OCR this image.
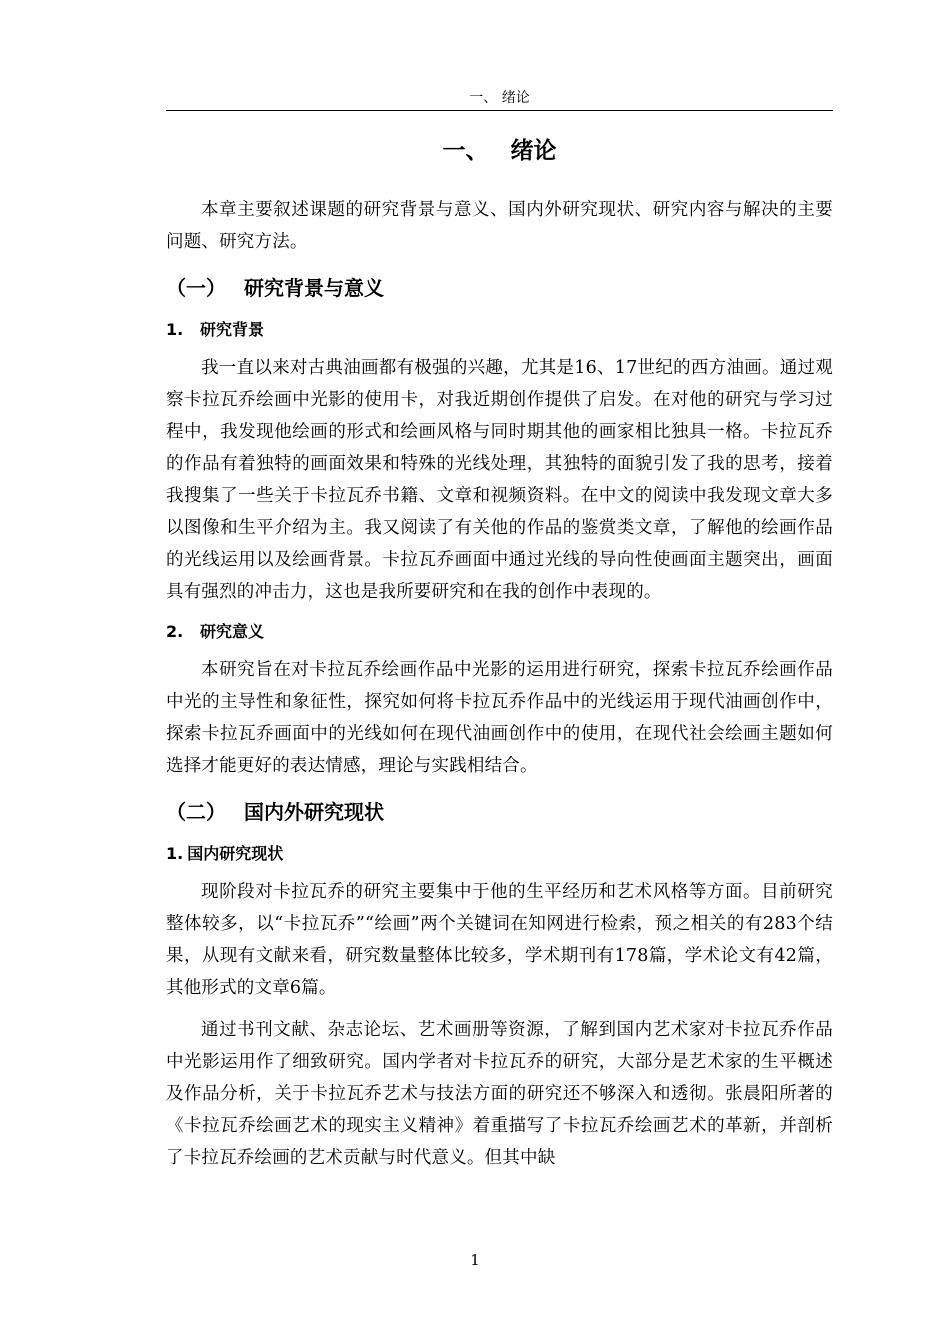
一、 绪论
一、 绪论

本章主要叙述课题的研究背景与意义、国内外研究现状、研究内容与解决的主要问题、研究方法。

（一） 研究背景与意义
1. 研究背景

我一直以来对古典油画都有极强的兴趣，尤其是16、17世纪的西方油画。通过观察卡拉瓦乔绘画中光影的使用卡，对我近期创作提供了启发。在对他的研究与学习过程中，我发现他绘画的形式和绘画风格与同时期其他的画家相比独具一格。卡拉瓦乔的作品有着独特的画面效果和特殊的光线处理，其独特的面貌引发了我的思考，接着我搜集了一些关于卡拉瓦乔书籍、文章和视频资料。在中文的阅读中我发现文章大多以图像和生平介绍为主。我又阅读了有关他的作品的鉴赏类文章，了解他的绘画作品的光线运用以及绘画背景。卡拉瓦乔画面中通过光线的导向性使画面主题突出，画面具有强烈的冲击力，这也是我所要研究和在我的创作中表现的。

2. 研究意义

本研究旨在对卡拉瓦乔绘画作品中光影的运用进行研究，探索卡拉瓦乔绘画作品中光的主导性和象征性，探究如何将卡拉瓦乔作品中的光线运用于现代油画创作中，探索卡拉瓦乔画面中的光线如何在现代油画创作中的使用，在现代社会绘画主题如何选择才能更好的表达情感，理论与实践相结合。

（二） 国内外研究现状
1. 国内研究现状

现阶段对卡拉瓦乔的研究主要集中于他的生平经历和艺术风格等方面。目前研究整体较多，以“卡拉瓦乔”“绘画”两个关键词在知网进行检索，预之相关的有283个结果，从现有文献来看，研究数量整体比较多，学术期刊有178篇，学术论文有42篇，其他形式的文章6篇。

通过书刊文献、杂志论坛、艺术画册等资源，了解到国内艺术家对卡拉瓦乔作品中光影运用作了细致研究。国内学者对卡拉瓦乔的研究，大部分是艺术家的生平概述及作品分析，关于卡拉瓦乔艺术与技法方面的研究还不够深入和透彻。张晨阳所著的《卡拉瓦乔绘画艺术的现实主义精神》着重描写了卡拉瓦乔绘画艺术的革新，并剖析了卡拉瓦乔绘画的艺术贡献与时代意义。但其中缺

1
